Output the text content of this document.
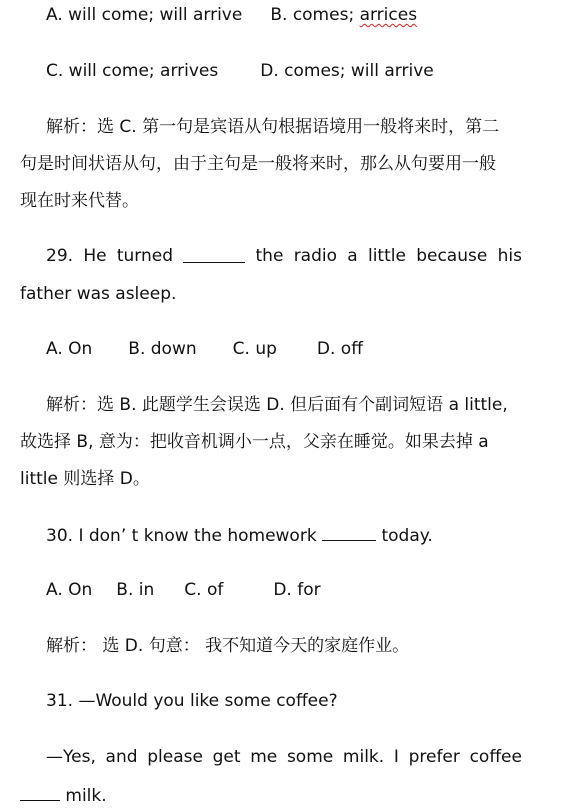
A. will come; will arrive B. comes; arrices
C. will come; arrives D. comes; will arrive
解析：选 C. 第一句是宾语从句根据语境用一般将来时，第二
句是时间状语从句，由于主句是一般将来时，那么从句要用一般
现在时来代替。
29. He turned	the radio a little because his
father was asleep.
A. On B. down C. up D. off
解析：选 B. 此题学生会误选 D. 但后面有个副词短语 a little,
故选择 B, 意为：把收音机调小一点，父亲在睡觉。如果去掉 a
little 则选择 D。
30. I don’ t know the homework	today.
A. On B. in C. of	D. for
解析： 选 D. 句意： 我不知道今天的家庭作业。
31. —Would you like some coffee?
—Yes, and please get me some milk. I prefer coffee
milk.
